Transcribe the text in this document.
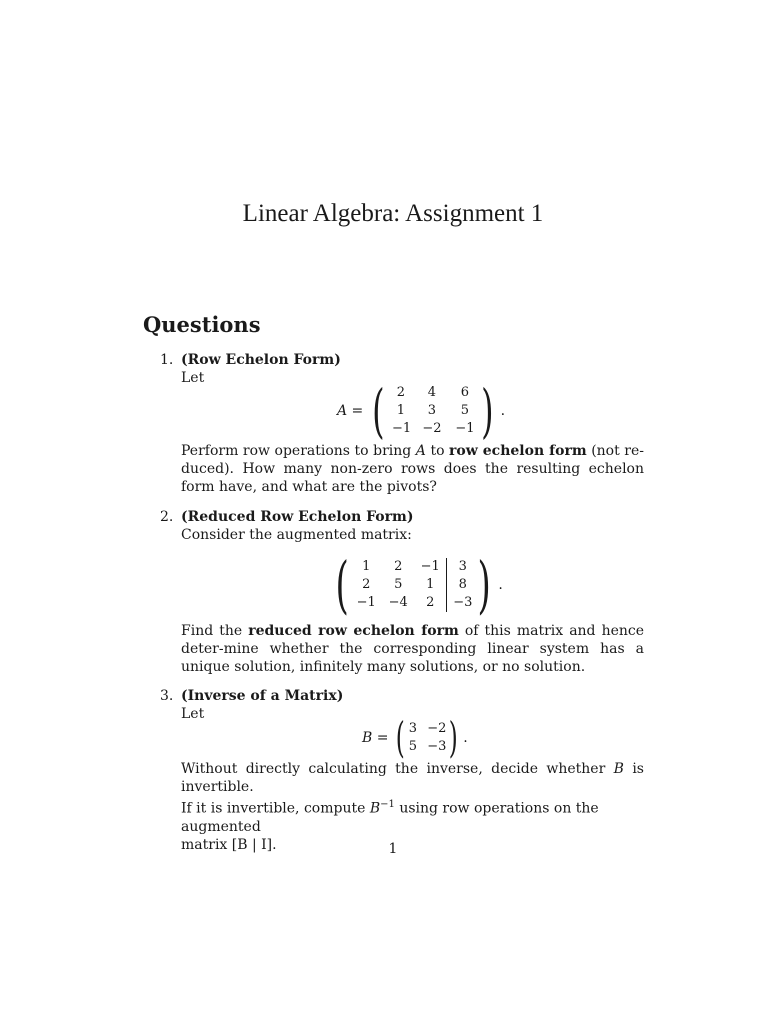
Linear Algebra: Assignment 1
Questions
1. (Row Echelon Form)
Let
A = ( 2	4	6
1	3	5
−1 −2	−1 ) .
Perform row operations to bring A to row echelon form (not re-duced). How many non-zero rows does the resulting echelon form have, and what are the pivots?
2. (Reduced Row Echelon Form)
Consider the augmented matrix:
(	1	2	−1	3
2	5	1	8
−1 −4	2	−3 ) .
Find the reduced row echelon form of this matrix and hence deter-mine whether the corresponding linear system has a unique solution, infinitely many solutions, or no solution.
3. (Inverse of a Matrix)
Let
B = ( 3 −2
5 −3 ) .
Without directly calculating the inverse, decide whether B is invertible.
If it is invertible, compute $B^{-1}$ using row operations on the augmented
matrix [B | I].	1
